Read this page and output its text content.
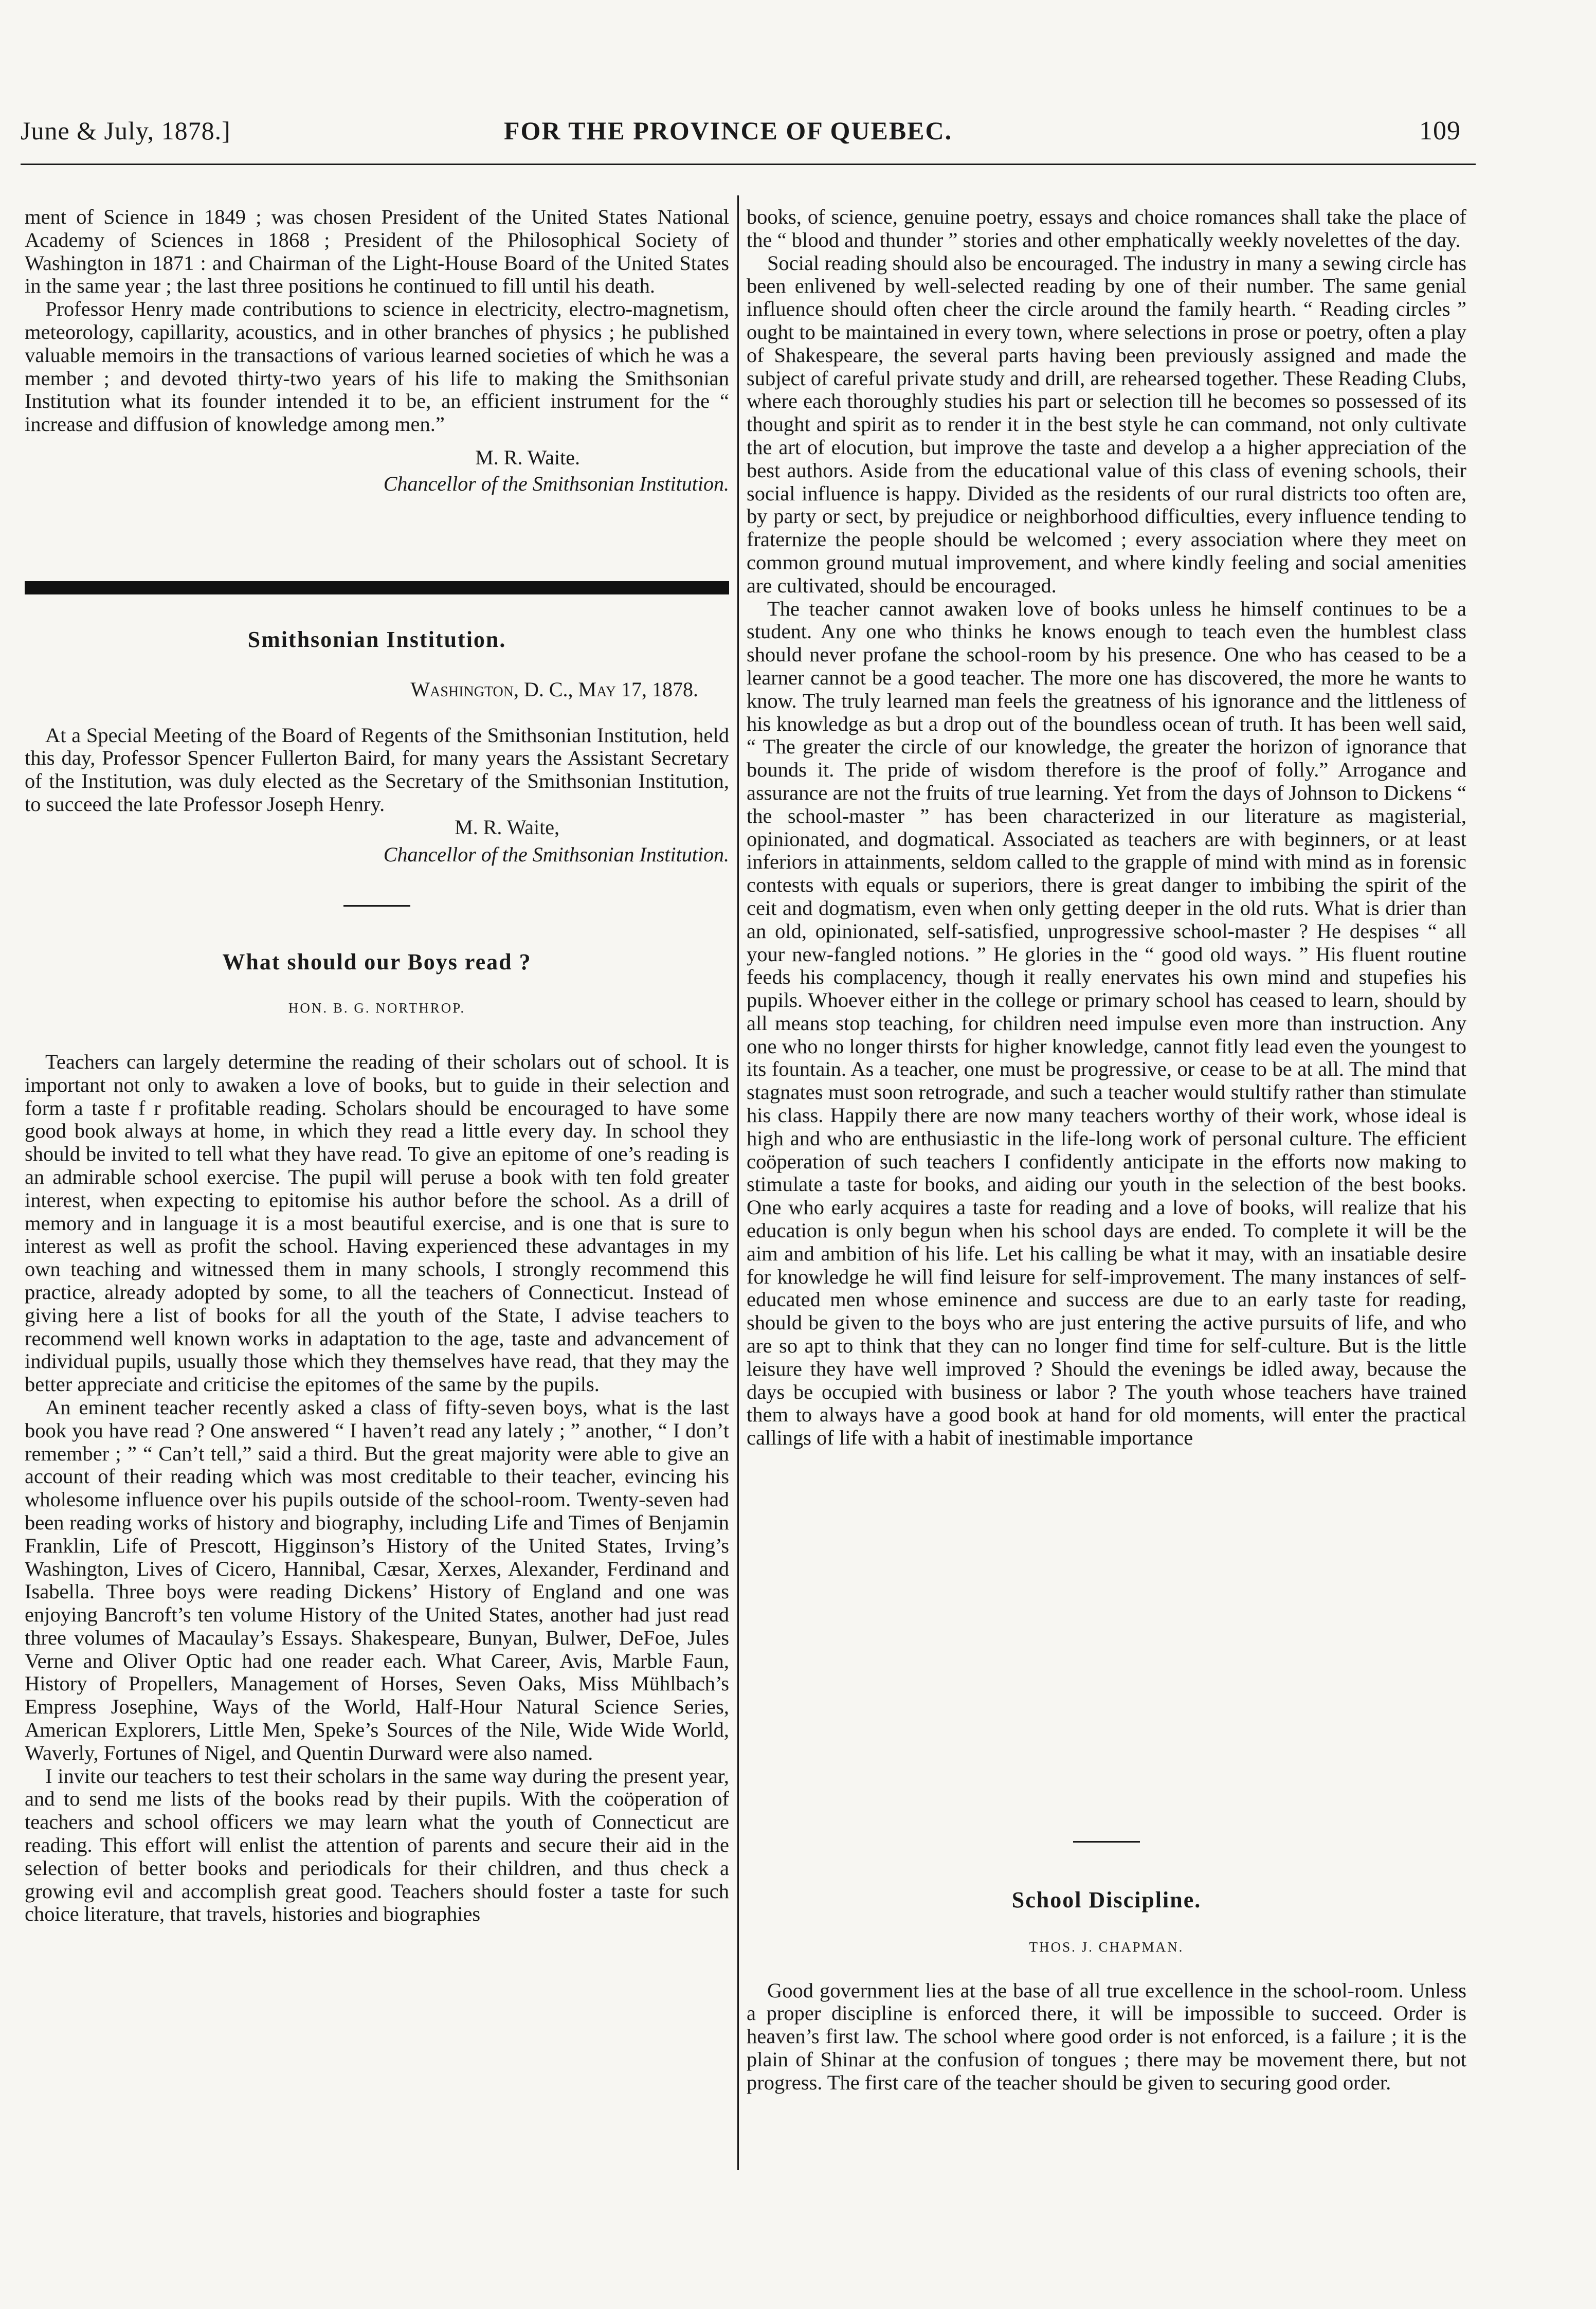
June & July, 1878.]	FOR THE PROVINCE OF QUEBEC.	109

ment of Science in 1849 ; was chosen President of the United States National Academy of Sciences in 1868 ; President of the Philosophical Society of Washington in 1871 : and Chairman of the Light-House Board of the United States in the same year ; the last three positions he continued to fill until his death.

Professor Henry made contributions to science in electricity, electro-magnetism, meteorology, capillarity, acoustics, and in other branches of physics ; he published valuable memoirs in the transactions of various learned societies of which he was a member ; and devoted thirty-two years of his life to making the Smithsonian Institution what its founder intended it to be, an efficient instrument for the “ increase and diffusion of knowledge among men.”

M. R. Waite.
Chancellor of the Smithsonian Institution.
Smithsonian Institution.
Washington, D. C., May 17, 1878.

At a Special Meeting of the Board of Regents of the Smithsonian Institution, held this day, Professor Spencer Fullerton Baird, for many years the Assistant Secretary of the Institution, was duly elected as the Secretary of the Smithsonian Institution, to succeed the late Professor Joseph Henry.

M. R. Waite,
Chancellor of the Smithsonian Institution.
What should our Boys read ?
HON. B. G. NORTHROP.

Teachers can largely determine the reading of their scholars out of school. It is important not only to awaken a love of books, but to guide in their selection and form a taste f r profitable reading. Scholars should be encouraged to have some good book always at home, in which they read a little every day. In school they should be invited to tell what they have read. To give an epitome of one’s reading is an admirable school exercise. The pupil will peruse a book with ten fold greater interest, when expecting to epitomise his author before the school. As a drill of memory and in language it is a most beautiful exercise, and is one that is sure to interest as well as profit the school. Having experienced these advantages in my own teaching and witnessed them in many schools, I strongly recommend this practice, already adopted by some, to all the teachers of Connecticut. Instead of giving here a list of books for all the youth of the State, I advise teachers to recommend well known works in adaptation to the age, taste and advancement of individual pupils, usually those which they themselves have read, that they may the better appreciate and criticise the epitomes of the same by the pupils.

An eminent teacher recently asked a class of fifty-seven boys, what is the last book you have read ? One answered “ I haven’t read any lately ; ” another, “ I don’t remember ; ” “ Can’t tell,” said a third. But the great majority were able to give an account of their reading which was most creditable to their teacher, evincing his wholesome influence over his pupils outside of the school-room. Twenty-seven had been reading works of history and biography, including Life and Times of Benjamin Franklin, Life of Prescott, Higginson’s History of the United States, Irving’s Washington, Lives of Cicero, Hannibal, Cæsar, Xerxes, Alexander, Ferdinand and Isabella. Three boys were reading Dickens’ History of England and one was enjoying Bancroft’s ten volume History of the United States, another had just read three volumes of Macaulay’s Essays. Shakespeare, Bunyan, Bulwer, DeFoe, Jules Verne and Oliver Optic had one reader each. What Career, Avis, Marble Faun, History of Propellers, Management of Horses, Seven Oaks, Miss Mühlbach’s Empress Josephine, Ways of the World, Half-Hour Natural Science Series, American Explorers, Little Men, Speke’s Sources of the Nile, Wide Wide World, Waverly, Fortunes of Nigel, and Quentin Durward were also named.

I invite our teachers to test their scholars in the same way during the present year, and to send me lists of the books read by their pupils. With the coöperation of teachers and school officers we may learn what the youth of Connecticut are reading. This effort will enlist the attention of parents and secure their aid in the selection of better books and periodicals for their children, and thus check a growing evil and accomplish great good. Teachers should foster a taste for such choice literature, that travels, histories and biographies

books, of science, genuine poetry, essays and choice romances shall take the place of the “ blood and thunder ” stories and other emphatically weekly novelettes of the day.

Social reading should also be encouraged. The industry in many a sewing circle has been enlivened by well-selected reading by one of their number. The same genial influence should often cheer the circle around the family hearth. “ Reading circles ” ought to be maintained in every town, where selections in prose or poetry, often a play of Shakespeare, the several parts having been previously assigned and made the subject of careful private study and drill, are rehearsed together. These Reading Clubs, where each thoroughly studies his part or selection till he becomes so possessed of its thought and spirit as to render it in the best style he can command, not only cultivate the art of elocution, but improve the taste and develop a a higher appreciation of the best authors. Aside from the educational value of this class of evening schools, their social influence is happy. Divided as the residents of our rural districts too often are, by party or sect, by prejudice or neighborhood difficulties, every influence tending to fraternize the people should be welcomed ; every association where they meet on common ground mutual improvement, and where kindly feeling and social amenities are cultivated, should be encouraged.

The teacher cannot awaken love of books unless he himself continues to be a student. Any one who thinks he knows enough to teach even the humblest class should never profane the school-room by his presence. One who has ceased to be a learner cannot be a good teacher. The more one has discovered, the more he wants to know. The truly learned man feels the greatness of his ignorance and the littleness of his knowledge as but a drop out of the boundless ocean of truth. It has been well said, “ The greater the circle of our knowledge, the greater the horizon of ignorance that bounds it. The pride of wisdom therefore is the proof of folly.” Arrogance and assurance are not the fruits of true learning. Yet from the days of Johnson to Dickens “ the school-master ” has been characterized in our literature as magisterial, opinionated, and dogmatical. Associated as teachers are with beginners, or at least inferiors in attainments, seldom called to the grapple of mind with mind as in forensic contests with equals or superiors, there is great danger to imbibing the spirit of the ceit and dogmatism, even when only getting deeper in the old ruts. What is drier than an old, opinionated, self-satisfied, unprogressive school-master ? He despises “ all your new-fangled notions. ” He glories in the “ good old ways. ” His fluent routine feeds his complacency, though it really enervates his own mind and stupefies his pupils. Whoever either in the college or primary school has ceased to learn, should by all means stop teaching, for children need impulse even more than instruction. Any one who no longer thirsts for higher knowledge, cannot fitly lead even the youngest to its fountain. As a teacher, one must be progressive, or cease to be at all. The mind that stagnates must soon retrograde, and such a teacher would stultify rather than stimulate his class. Happily there are now many teachers worthy of their work, whose ideal is high and who are enthusiastic in the life-long work of personal culture. The efficient coöperation of such teachers I confidently anticipate in the efforts now making to stimulate a taste for books, and aiding our youth in the selection of the best books. One who early acquires a taste for reading and a love of books, will realize that his education is only begun when his school days are ended. To complete it will be the aim and ambition of his life. Let his calling be what it may, with an insatiable desire for knowledge he will find leisure for self-improvement. The many instances of self-educated men whose eminence and success are due to an early taste for reading, should be given to the boys who are just entering the active pursuits of life, and who are so apt to think that they can no longer find time for self-culture. But is the little leisure they have well improved ? Should the evenings be idled away, because the days be occupied with business or labor ? The youth whose teachers have trained them to always have a good book at hand for old moments, will enter the practical callings of life with a habit of inestimable importance

School Discipline.
THOS. J. CHAPMAN.

Good government lies at the base of all true excellence in the school-room. Unless a proper discipline is enforced there, it will be impossible to succeed. Order is heaven’s first law. The school where good order is not enforced, is a failure ; it is the plain of Shinar at the confusion of tongues ; there may be movement there, but not progress. The first care of the teacher should be given to securing good order.
